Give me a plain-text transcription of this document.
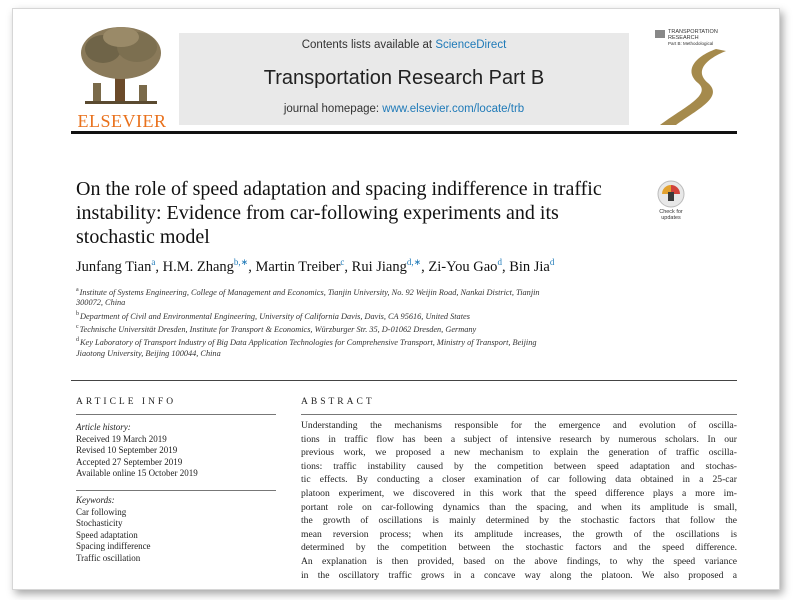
ELSEVIER
Contents lists available at ScienceDirect
Transportation Research Part B
journal homepage: www.elsevier.com/locate/trb
TRANSPORTATION RESEARCH
Part B: Methodological
On the role of speed adaptation and spacing indifference in traffic instability: Evidence from car-following experiments and its stochastic model
Check for
updates
Junfang Tian$^a$, H.M. Zhang$^{b,∗}$, Martin Treiber$^c$, Rui Jiang$^{d,∗}$, Zi-You Gao$^d$, Bin Jia$^d$
$^a$Institute of Systems Engineering, College of Management and Economics, Tianjin University, No. 92 Weijin Road, Nankai District, Tianjin
300072, China
$^b$Department of Civil and Environmental Engineering, University of California Davis, Davis, CA 95616, United States
$^c$Technische Universität Dresden, Institute for Transport & Economics, Würzburger Str. 35, D-01062 Dresden, Germany
$^d$Key Laboratory of Transport Industry of Big Data Application Technologies for Comprehensive Transport, Ministry of Transport, Beijing
Jiaotong University, Beijing 100044, China
ARTICLE INFO
Article history:
Received 19 March 2019
Revised 10 September 2019
Accepted 27 September 2019
Available online 15 October 2019
Keywords:
Car following
Stochasticity
Speed adaptation
Spacing indifference
Traffic oscillation
ABSTRACT
Understanding the mechanisms responsible for the emergence and evolution of oscilla-
tions in traffic flow has been a subject of intensive research by numerous scholars. In our
previous work, we proposed a new mechanism to explain the generation of traffic oscilla-
tions: traffic instability caused by the competition between speed adaptation and stochas-
tic effects. By conducting a closer examination of car following data obtained in a 25-car
platoon experiment, we discovered in this work that the speed difference plays a more im-
portant role on car-following dynamics than the spacing, and when its amplitude is small,
the growth of oscillations is mainly determined by the stochastic factors that follow the
mean reversion process; when its amplitude increases, the growth of the oscillations is
determined by the competition between the stochastic factors and the speed difference.
An explanation is then provided, based on the above findings, to why the speed variance
in the oscillatory traffic grows in a concave way along the platoon. We also proposed a
